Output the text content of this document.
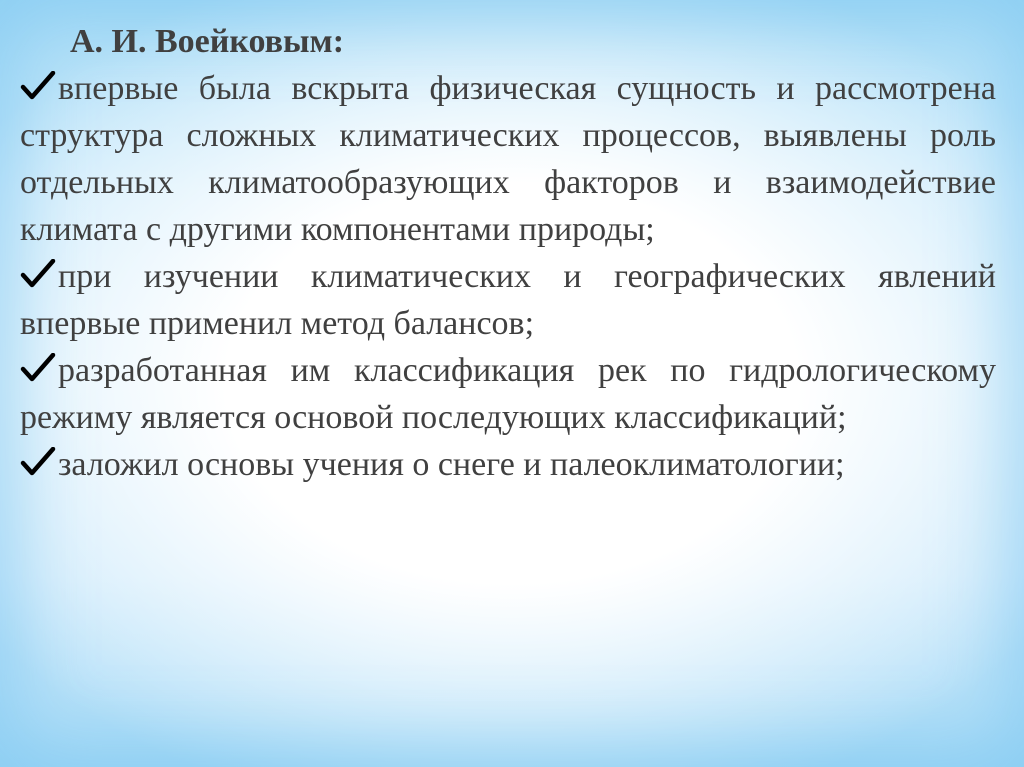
А. И. Воейковым:

впервые была вскрыта физическая сущность и рассмотрена структура сложных климатических процессов, выявлены роль отдельных климатообразующих факторов и взаимодействие климата с другими компонентами природы;

при изучении климатических и географических явлений впервые применил метод балансов;

разработанная им классификация рек по гидрологическому режиму является основой последующих классификаций;

заложил основы учения о снеге и палеоклиматологии;
